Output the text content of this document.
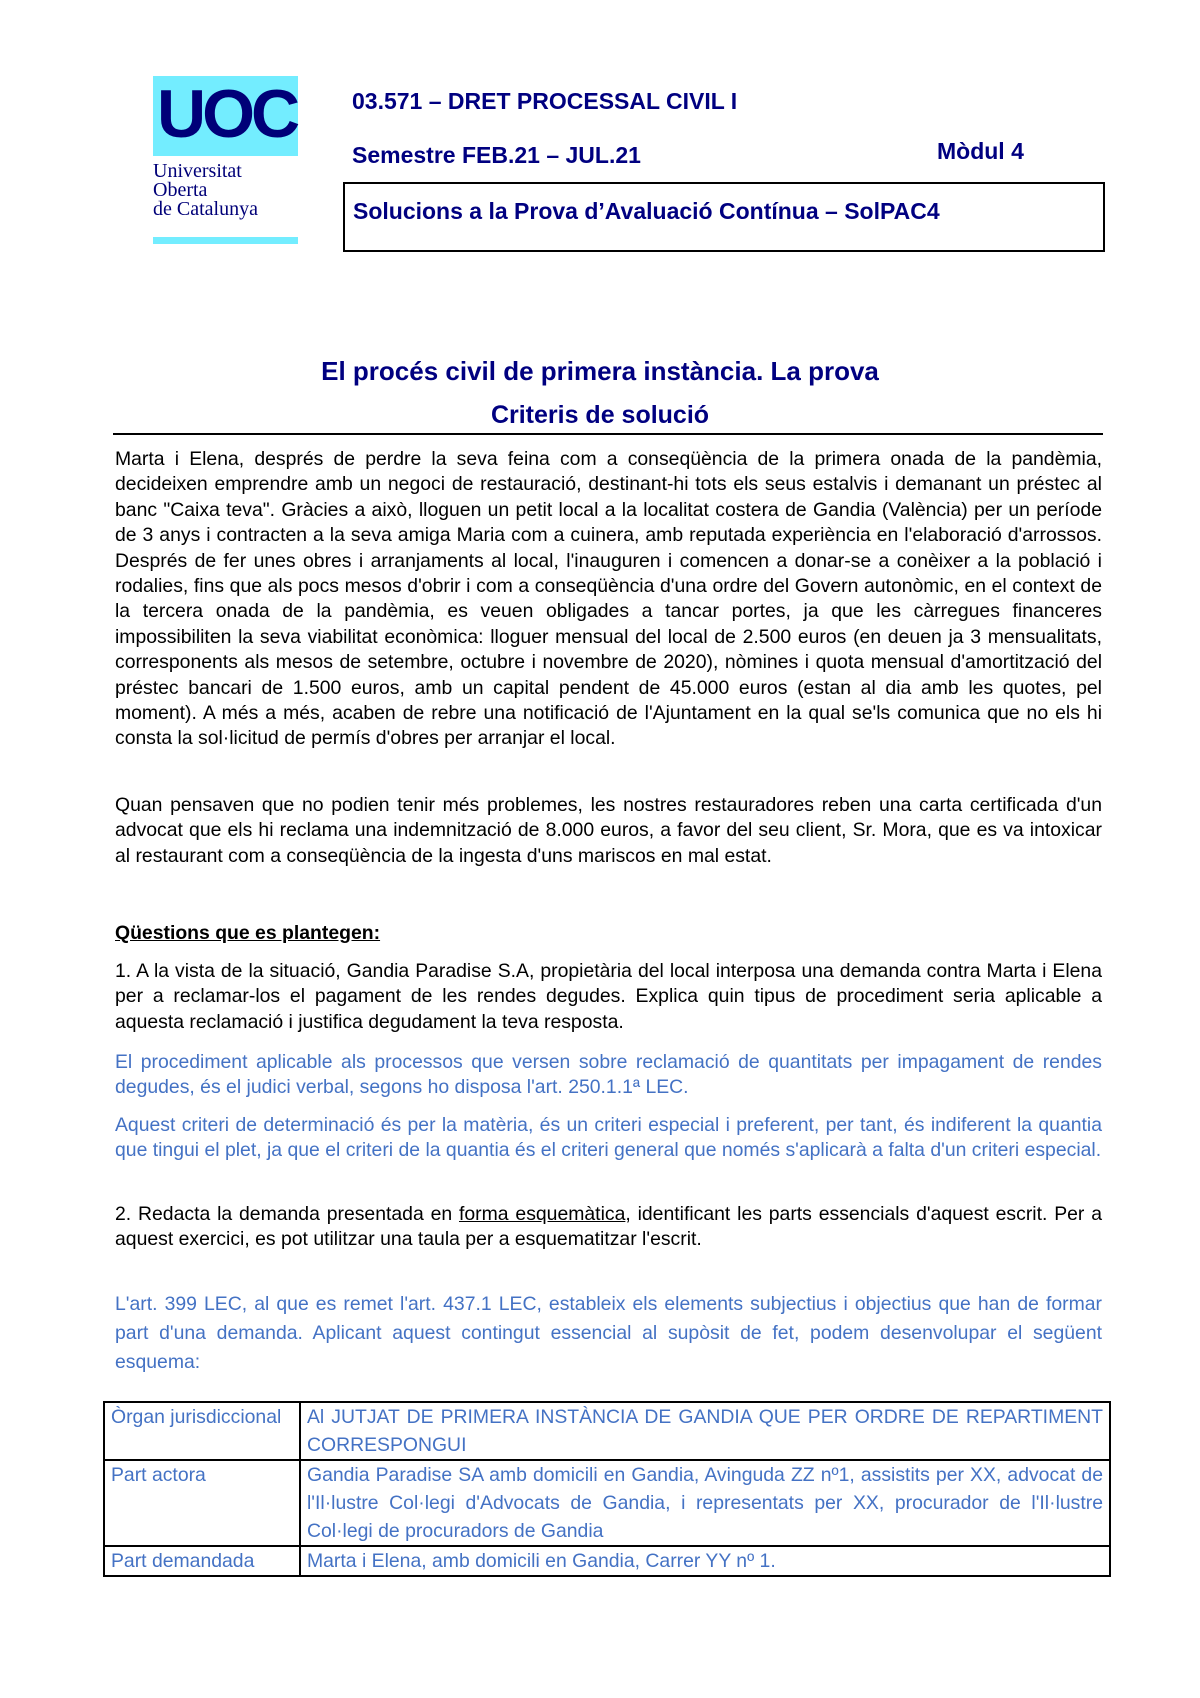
UOC
Universitat
Oberta
de Catalunya
03.571 – DRET PROCESSAL CIVIL I
Semestre FEB.21 – JUL.21	Mòdul 4
Solucions a la Prova d’Avaluació Contínua – SolPAC4
El procés civil de primera instància. La prova
Criteris de solució

Marta i Elena, després de perdre la seva feina com a conseqüència de la primera onada de la pandèmia, decideixen emprendre amb un negoci de restauració, destinant-hi tots els seus estalvis i demanant un préstec al banc "Caixa teva". Gràcies a això, lloguen un petit local a la localitat costera de Gandia (València) per un període de 3 anys i contracten a la seva amiga Maria com a cuinera, amb reputada experiència en l'elaboració d'arrossos. Després de fer unes obres i arranjaments al local, l'inauguren i comencen a donar-se a conèixer a la població i rodalies, fins que als pocs mesos d'obrir i com a conseqüència d'una ordre del Govern autonòmic, en el context de la tercera onada de la pandèmia, es veuen obligades a tancar portes, ja que les càrregues financeres impossibiliten la seva viabilitat econòmica: lloguer mensual del local de 2.500 euros (en deuen ja 3 mensualitats, corresponents als mesos de setembre, octubre i novembre de 2020), nòmines i quota mensual d'amortització del préstec bancari de 1.500 euros, amb un capital pendent de 45.000 euros (estan al dia amb les quotes, pel moment). A més a més, acaben de rebre una notificació de l'Ajuntament en la qual se'ls comunica que no els hi consta la sol·licitud de permís d'obres per arranjar el local.

Quan pensaven que no podien tenir més problemes, les nostres restauradores reben una carta certificada d'un advocat que els hi reclama una indemnització de 8.000 euros, a favor del seu client, Sr. Mora, que es va intoxicar al restaurant com a conseqüència de la ingesta d'uns mariscos en mal estat.

Qüestions que es plantegen:

1. A la vista de la situació, Gandia Paradise S.A, propietària del local interposa una demanda contra Marta i Elena per a reclamar-los el pagament de les rendes degudes. Explica quin tipus de procediment seria aplicable a aquesta reclamació i justifica degudament la teva resposta.

El procediment aplicable als processos que versen sobre reclamació de quantitats per impagament de rendes degudes, és el judici verbal, segons ho disposa l'art. 250.1.1ª LEC.

Aquest criteri de determinació és per la matèria, és un criteri especial i preferent, per tant, és indiferent la quantia que tingui el plet, ja que el criteri de la quantia és el criteri general que només s'aplicarà a falta d'un criteri especial.

2. Redacta la demanda presentada en forma esquemàtica, identificant les parts essencials d'aquest escrit. Per a aquest exercici, es pot utilitzar una taula per a esquematitzar l'escrit.

L'art. 399 LEC, al que es remet l'art. 437.1 LEC, estableix els elements subjectius i objectius que han de formar part d'una demanda. Aplicant aquest contingut essencial al supòsit de fet, podem desenvolupar el següent esquema:

Òrgan jurisdiccional	Al JUTJAT DE PRIMERA INSTÀNCIA DE GANDIA QUE PER ORDRE DE REPARTIMENT CORRESPONGUI
Part actora	Gandia Paradise SA amb domicili en Gandia, Avinguda ZZ nº1, assistits per XX, advocat de l'Il·lustre Col·legi d'Advocats de Gandia, i representats per XX, procurador de l'Il·lustre Col·legi de procuradors de Gandia
Part demandada	Marta i Elena, amb domicili en Gandia, Carrer YY nº 1.
